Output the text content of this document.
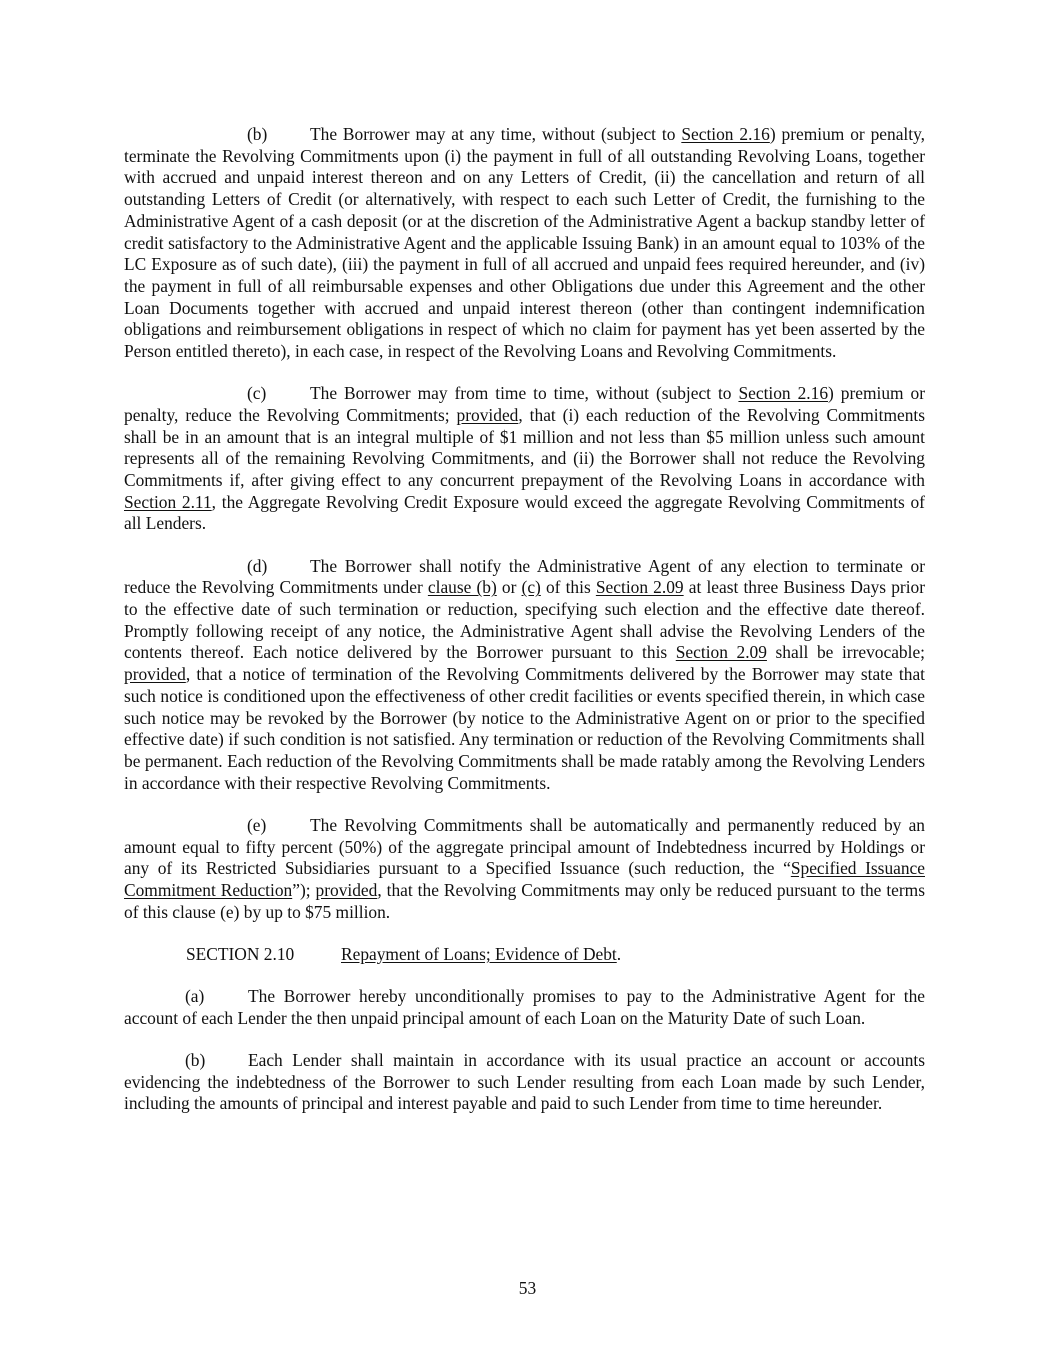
(b) The Borrower may at any time, without (subject to Section 2.16) premium or penalty, terminate the Revolving Commitments upon (i) the payment in full of all outstanding Revolving Loans, together with accrued and unpaid interest thereon and on any Letters of Credit, (ii) the cancellation and return of all outstanding Letters of Credit (or alternatively, with respect to each such Letter of Credit, the furnishing to the Administrative Agent of a cash deposit (or at the discretion of the Administrative Agent a backup standby letter of credit satisfactory to the Administrative Agent and the applicable Issuing Bank) in an amount equal to 103% of the LC Exposure as of such date), (iii) the payment in full of all accrued and unpaid fees required hereunder, and (iv) the payment in full of all reimbursable expenses and other Obligations due under this Agreement and the other Loan Documents together with accrued and unpaid interest thereon (other than contingent indemnification obligations and reimbursement obligations in respect of which no claim for payment has yet been asserted by the Person entitled thereto), in each case, in respect of the Revolving Loans and Revolving Commitments.

(c)	The Borrower may from time to time, without (subject to Section 2.16) premium or penalty, reduce the Revolving Commitments; provided, that (i) each reduction of the Revolving Commitments shall be in an amount that is an integral multiple of $1 million and not less than $5 million unless such amount represents all of the remaining Revolving Commitments, and (ii) the Borrower shall not reduce the Revolving Commitments if, after giving effect to any concurrent prepayment of the Revolving Loans in accordance with Section 2.11, the Aggregate Revolving Credit Exposure would exceed the aggregate Revolving Commitments of all Lenders.

(d) The Borrower shall notify the Administrative Agent of any election to terminate or reduce the Revolving Commitments under clause (b) or (c) of this Section 2.09 at least three Business Days prior to the effective date of such termination or reduction, specifying such election and the effective date thereof. Promptly following receipt of any notice, the Administrative Agent shall advise the Revolving Lenders of the contents thereof. Each notice delivered by the Borrower pursuant to this Section 2.09 shall be irrevocable; provided, that a notice of termination of the Revolving Commitments delivered by the Borrower may state that such notice is conditioned upon the effectiveness of other credit facilities or events specified therein, in which case such notice may be revoked by the Borrower (by notice to the Administrative Agent on or prior to the specified effective date) if such condition is not satisfied. Any termination or reduction of the Revolving Commitments shall be permanent. Each reduction of the Revolving Commitments shall be made ratably among the Revolving Lenders in accordance with their respective Revolving Commitments.

(e)	The Revolving Commitments shall be automatically and permanently reduced by an amount equal to fifty percent (50%) of the aggregate principal amount of Indebtedness incurred by Holdings or any of its Restricted Subsidiaries pursuant to a Specified Issuance (such reduction, the “Specified Issuance Commitment Reduction”); provided, that the Revolving Commitments may only be reduced pursuant to the terms of this clause (e) by up to $75 million.

SECTION 2.10	Repayment of Loans; Evidence of Debt.

(a)	The Borrower hereby unconditionally promises to pay to the Administrative Agent for the account of each Lender the then unpaid principal amount of each Loan on the Maturity Date of such Loan.

(b) Each Lender shall maintain in accordance with its usual practice an account or accounts evidencing the indebtedness of the Borrower to such Lender resulting from each Loan made by such Lender, including the amounts of principal and interest payable and paid to such Lender from time to time hereunder.

53
